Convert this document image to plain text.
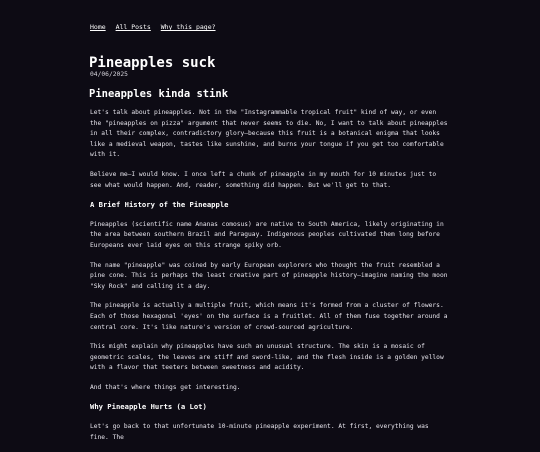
Home All Posts Why this page?
Pineapples suck
04/06/2025
Pineapples kinda stink

Let's talk about pineapples. Not in the "Instagrammable tropical fruit" kind of way, or even the "pineapples on pizza" argument that never seems to die. No, I want to talk about pineapples in all their complex, contradictory glory—because this fruit is a botanical enigma that looks like a medieval weapon, tastes like sunshine, and burns your tongue if you get too comfortable with it.

Believe me—I would know. I once left a chunk of pineapple in my mouth for 10 minutes just to see what would happen. And, reader, something did happen. But we'll get to that.

A Brief History of the Pineapple

Pineapples (scientific name Ananas comosus) are native to South America, likely originating in the area between southern Brazil and Paraguay. Indigenous peoples cultivated them long before Europeans ever laid eyes on this strange spiky orb.

The name "pineapple" was coined by early European explorers who thought the fruit resembled a pine cone. This is perhaps the least creative part of pineapple history—imagine naming the moon "Sky Rock" and calling it a day.

The pineapple is actually a multiple fruit, which means it's formed from a cluster of flowers. Each of those hexagonal 'eyes' on the surface is a fruitlet. All of them fuse together around a central core. It's like nature's version of crowd-sourced agriculture.

This might explain why pineapples have such an unusual structure. The skin is a mosaic of geometric scales, the leaves are stiff and sword-like, and the flesh inside is a golden yellow with a flavor that teeters between sweetness and acidity.

And that's where things get interesting.

Why Pineapple Hurts (a Lot)

Let's go back to that unfortunate 10-minute pineapple experiment. At first, everything was fine. The
